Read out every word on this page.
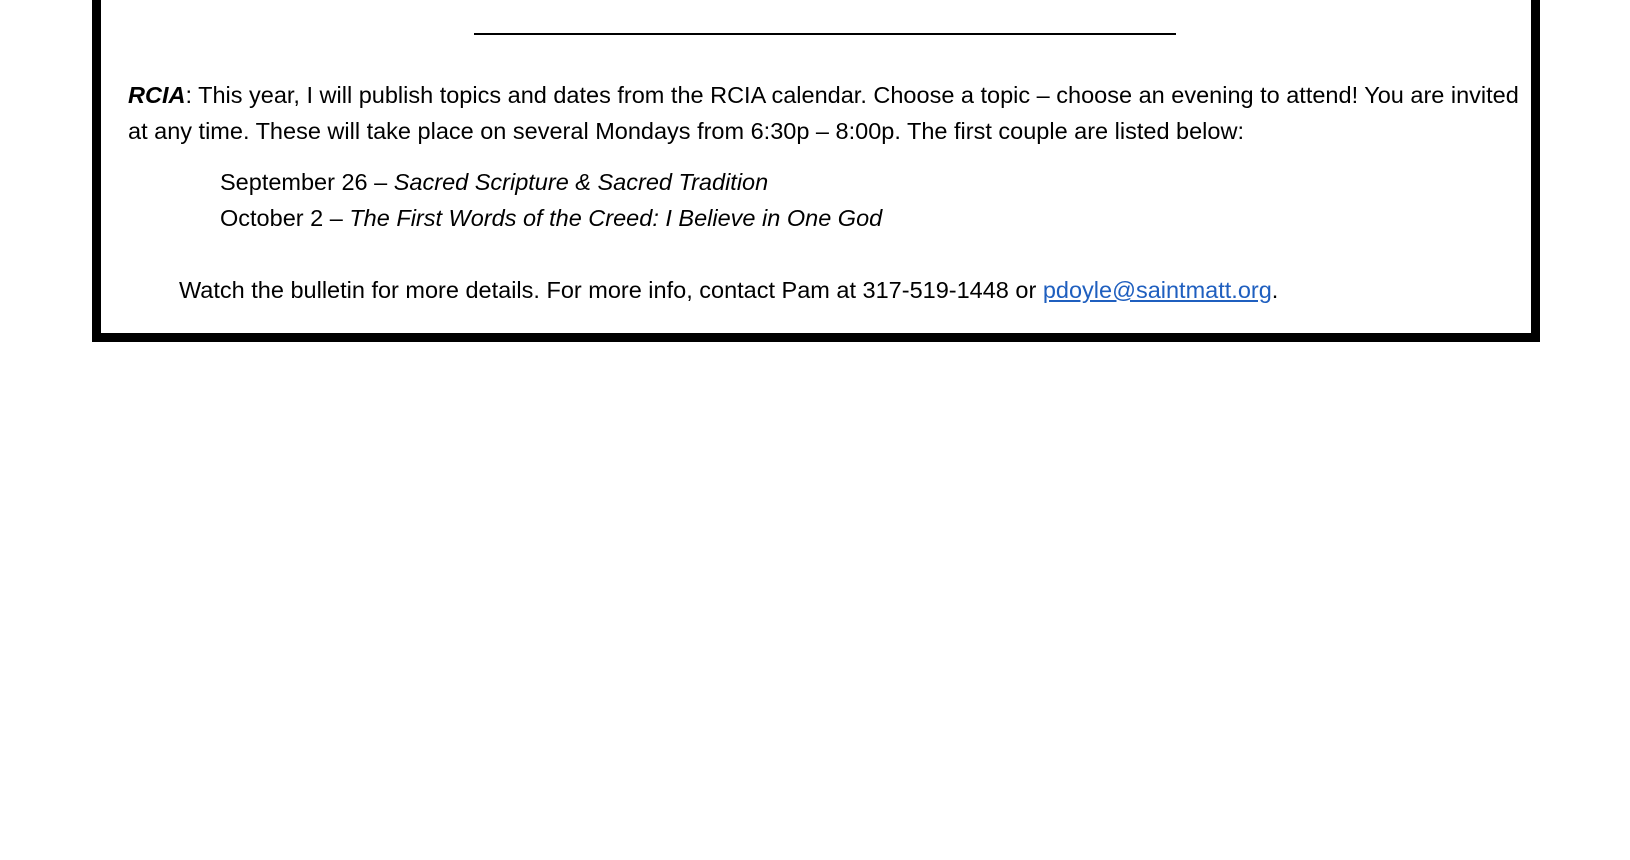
RCIA: This year, I will publish topics and dates from the RCIA calendar. Choose a topic – choose an evening to attend! You are invited at any time. These will take place on several Mondays from 6:30p – 8:00p. The first couple are listed below:

September 26 – Sacred Scripture & Sacred Tradition
October 2 – The First Words of the Creed: I Believe in One God
Watch the bulletin for more details. For more info, contact Pam at 317-519-1448 or pdoyle@saintmatt.org.
